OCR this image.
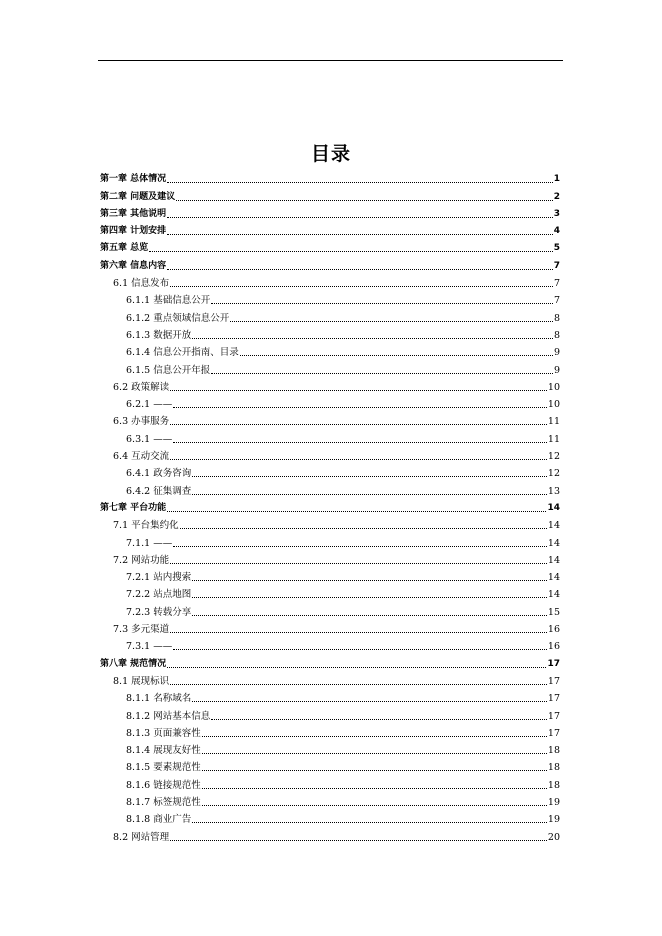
目录
第一章 总体情况	1
第二章 问题及建议	2
第三章 其他说明	3
第四章 计划安排	4
第五章 总览	5
第六章 信息内容	7
6.1 信息发布	7
6.1.1 基础信息公开	7
6.1.2 重点领域信息公开	8
6.1.3 数据开放	8
6.1.4 信息公开指南、目录	9
6.1.5 信息公开年报	9
6.2 政策解读	10
6.2.1 ——	10
6.3 办事服务	11
6.3.1 ——	11
6.4 互动交流	12
6.4.1 政务咨询	12
6.4.2 征集调查	13
第七章 平台功能	14
7.1 平台集约化	14
7.1.1 ——	14
7.2 网站功能	14
7.2.1 站内搜索	14
7.2.2 站点地图	14
7.2.3 转载分享	15
7.3 多元渠道	16
7.3.1 ——	16
第八章 规范情况	17
8.1 展现标识	17
8.1.1 名称域名	17
8.1.2 网站基本信息	17
8.1.3 页面兼容性	17
8.1.4 展现友好性	18
8.1.5 要素规范性	18
8.1.6 链接规范性	18
8.1.7 标签规范性	19
8.1.8 商业广告	19
8.2 网站管理	20
